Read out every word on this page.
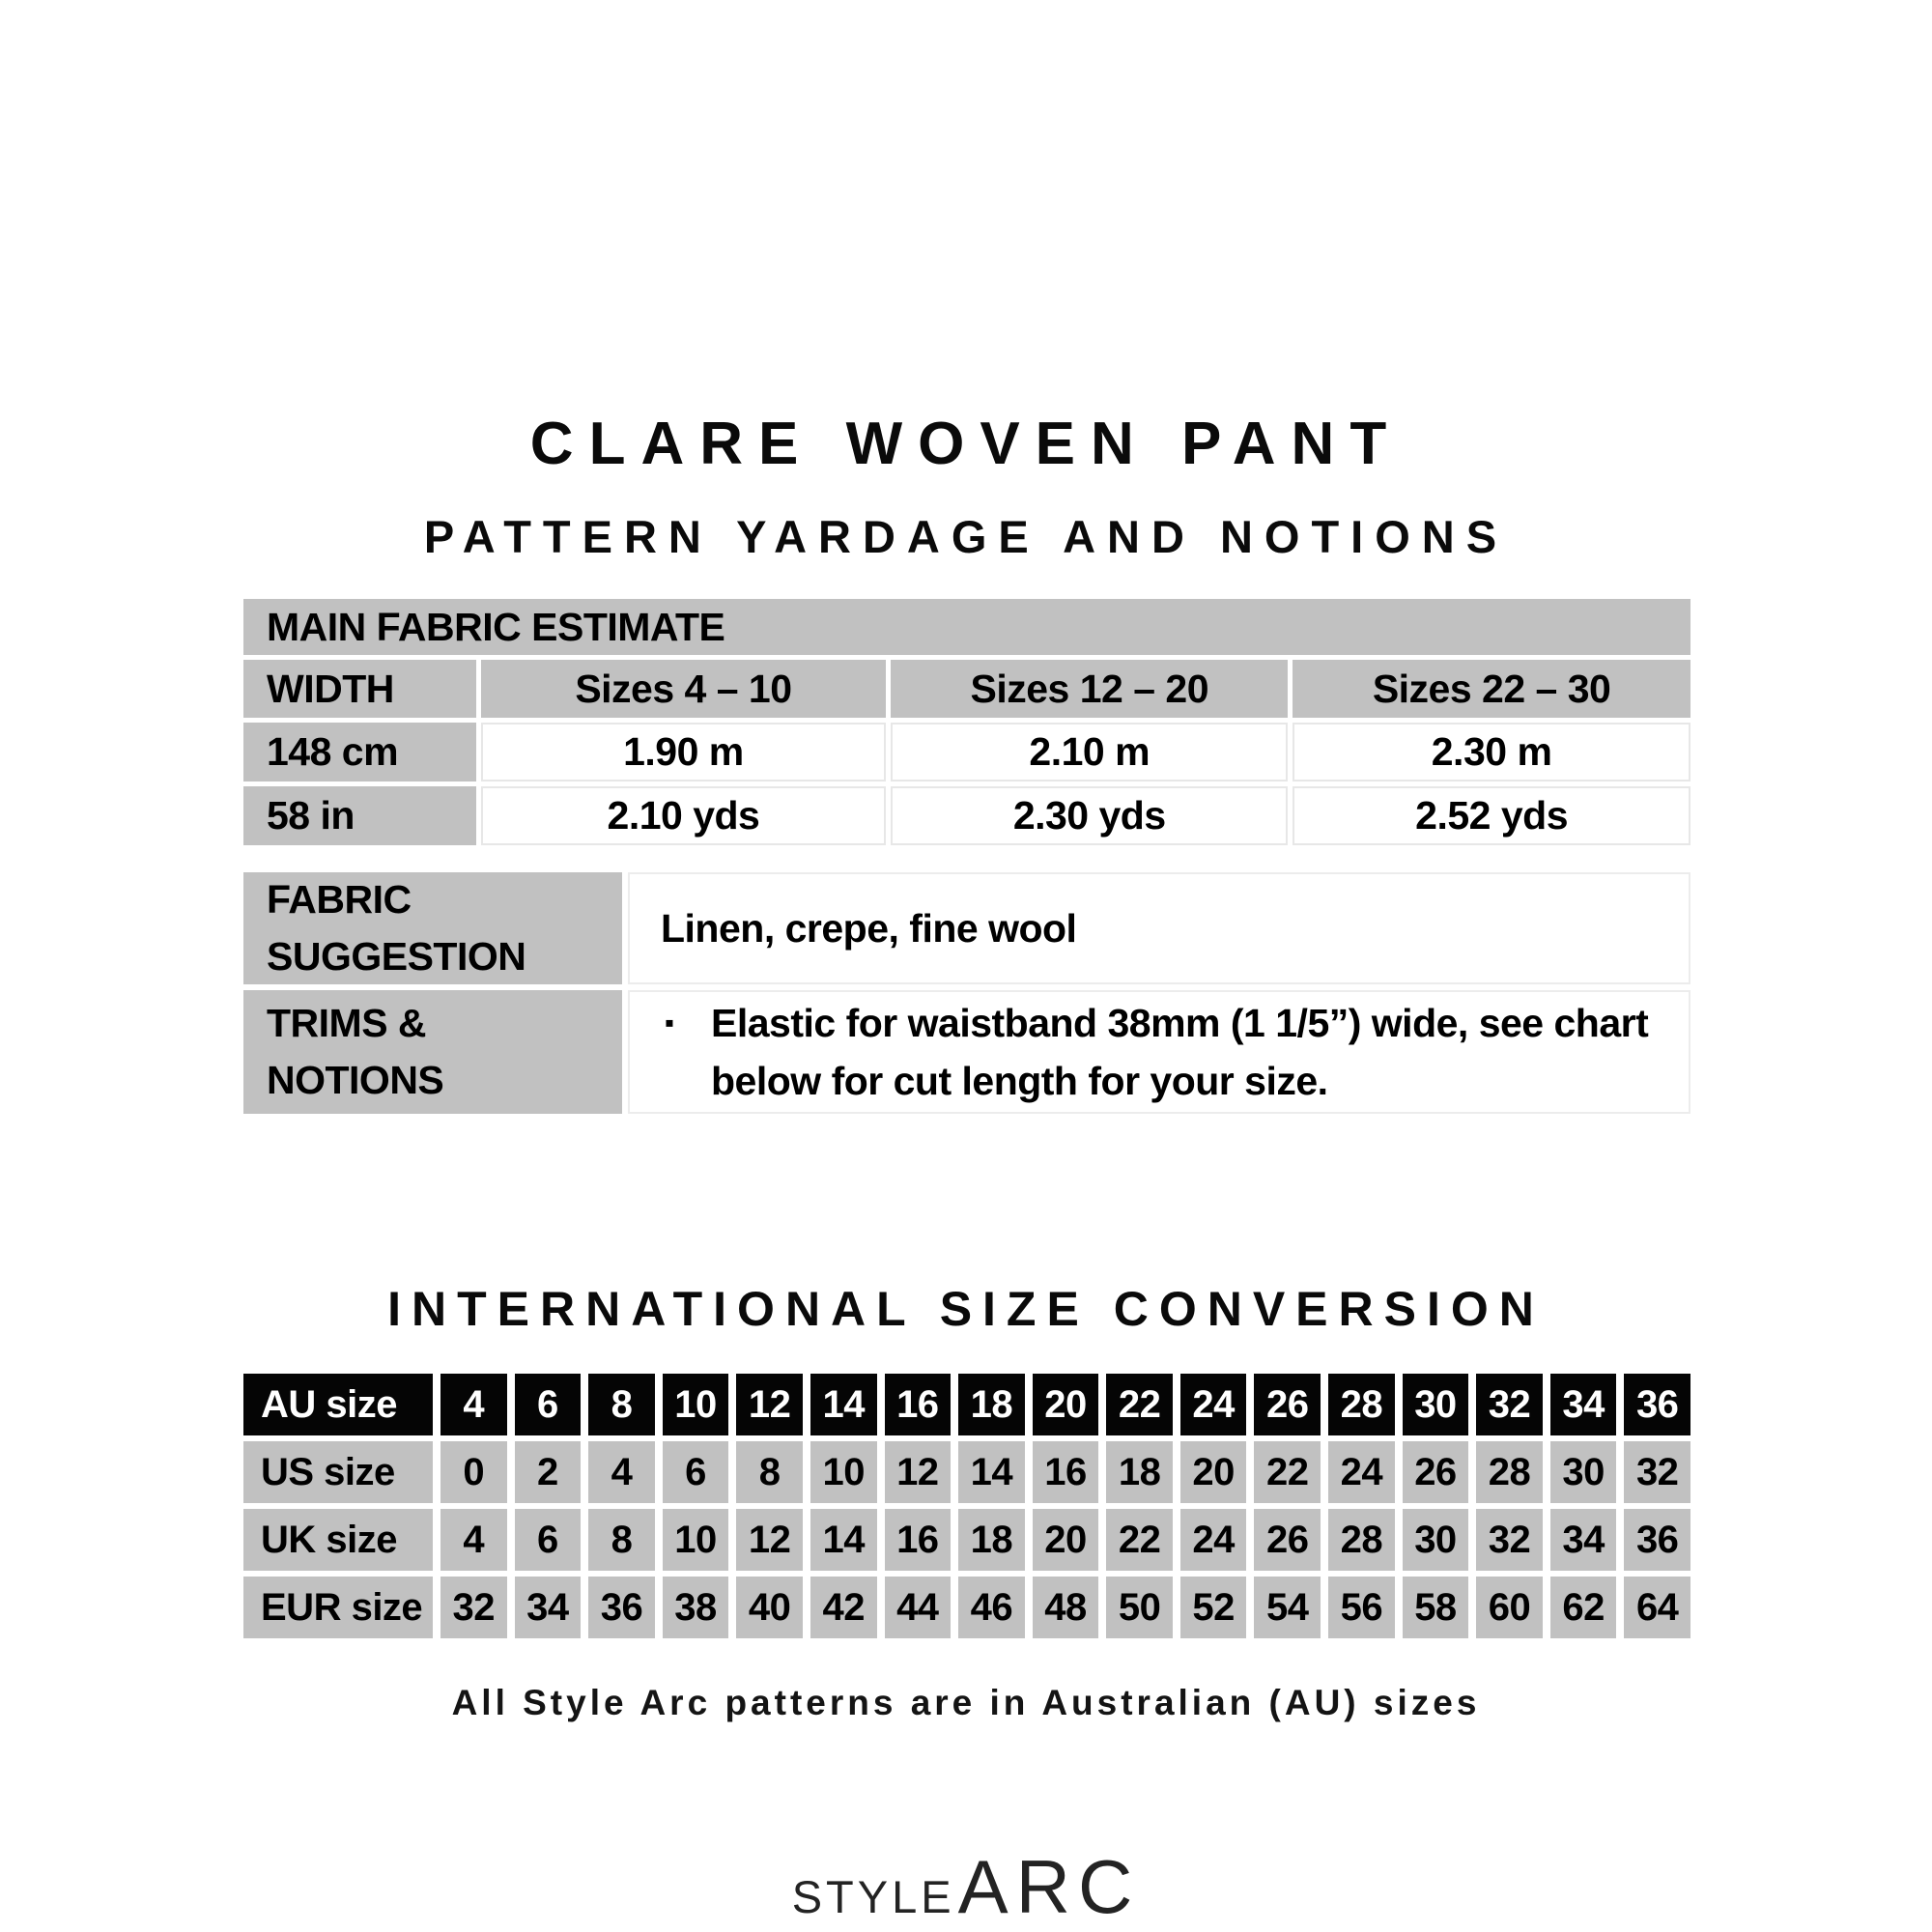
CLARE WOVEN PANT
PATTERN YARDAGE AND NOTIONS
MAIN FABRIC ESTIMATE
WIDTH	Sizes 4 – 10	Sizes 12 – 20	Sizes 22 – 30
148 cm	1.90 m	2.10 m	2.30 m
58 in	2.10 yds	2.30 yds	2.52 yds
FABRIC SUGGESTION
Linen, crepe, fine wool
TRIMS & NOTIONS
▪ Elastic for waistband 38mm (1 1/5”) wide, see chart below for cut length for your size.
INTERNATIONAL SIZE CONVERSION
AU size	4	6	8	10 12 14 16 18 20 22 24 26 28 30 32 34 36
US size	0	2	4	6	8	10 12 14 16 18 20 22 24 26 28 30 32
UK size	4	6	8	10 12 14 16 18 20 22 24 26 28 30 32 34 36
EUR size 32 34 36 38 40 42 44 46 48 50 52 54 56 58 60 62 64
All Style Arc patterns are in Australian (AU) sizes
STYLE ARC
